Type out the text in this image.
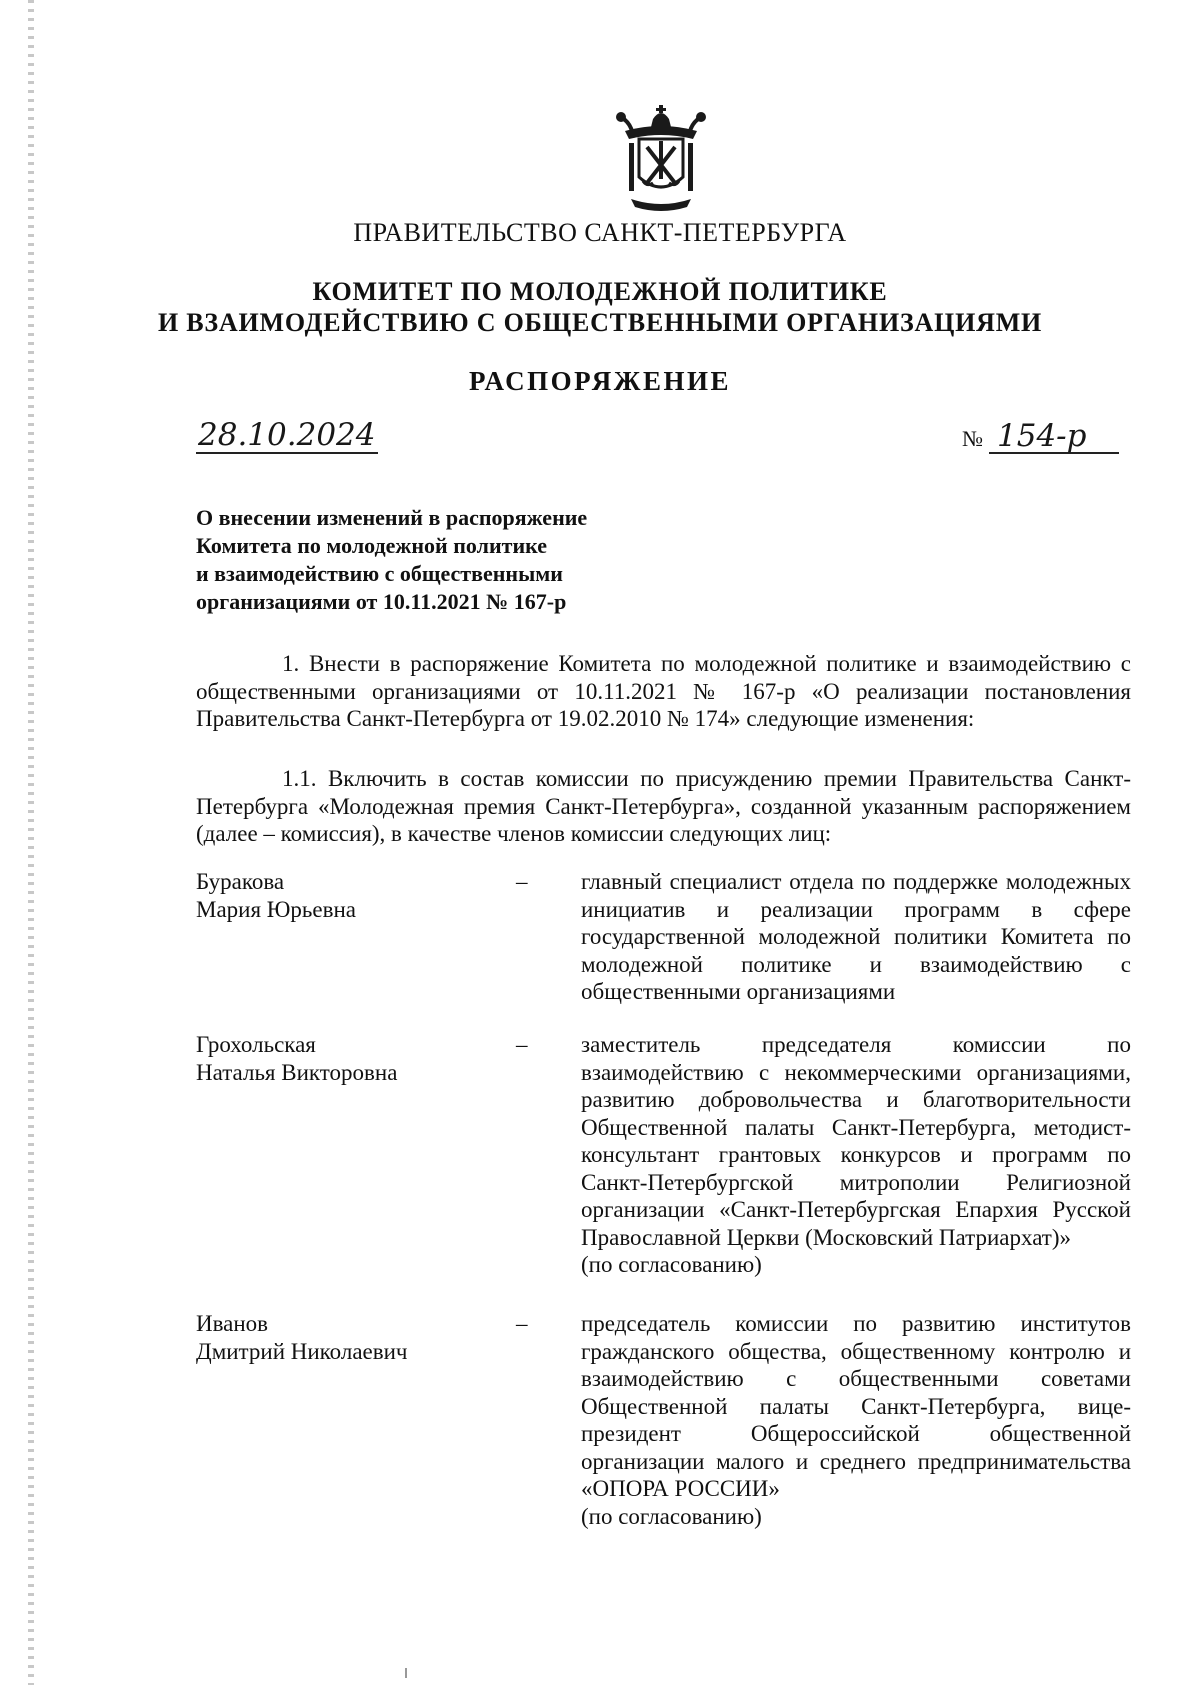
ПРАВИТЕЛЬСТВО САНКТ-ПЕТЕРБУРГА
КОМИТЕТ ПО МОЛОДЕЖНОЙ ПОЛИТИКЕ
И ВЗАИМОДЕЙСТВИЮ С ОБЩЕСТВЕННЫМИ ОРГАНИЗАЦИЯМИ
РАСПОРЯЖЕНИЕ
28.10.2024	№ 154-р
О внесении изменений в распоряжение
Комитета по молодежной политике
и взаимодействию с общественными
организациями от 10.11.2021 № 167-р

1. Внести в распоряжение Комитета по молодежной политике и взаимодействию с общественными организациями от 10.11.2021 № 167-р «О реализации постановления Правительства Санкт-Петербурга от 19.02.2010 № 174» следующие изменения:

1.1. Включить в состав комиссии по присуждению премии Правительства Санкт-Петербурга «Молодежная премия Санкт-Петербурга», созданной указанным распоряжением (далее – комиссия), в качестве членов комиссии следующих лиц:

Буракова
Мария Юрьевна
– главный специалист отдела по поддержке молодежных инициатив и реализации программ в сфере государственной молодежной политики Комитета по молодежной политике и взаимодействию с общественными организациями
Грохольская
Наталья Викторовна
– заместитель председателя комиссии по взаимодействию с некоммерческими организациями, развитию добровольчества и благотворительности Общественной палаты Санкт-Петербурга, методист-консультант грантовых конкурсов и программ по Санкт-Петербургской митрополии Религиозной организации «Санкт-Петербургская Епархия Русской Православной Церкви (Московский Патриархат)»
(по согласованию)
Иванов
Дмитрий Николаевич
– председатель комиссии по развитию институтов гражданского общества, общественному контролю и взаимодействию с общественными советами Общественной палаты Санкт-Петербурга, вице-президент Общероссийской общественной организации малого и среднего предпринимательства «ОПОРА РОССИИ»
(по согласованию)
